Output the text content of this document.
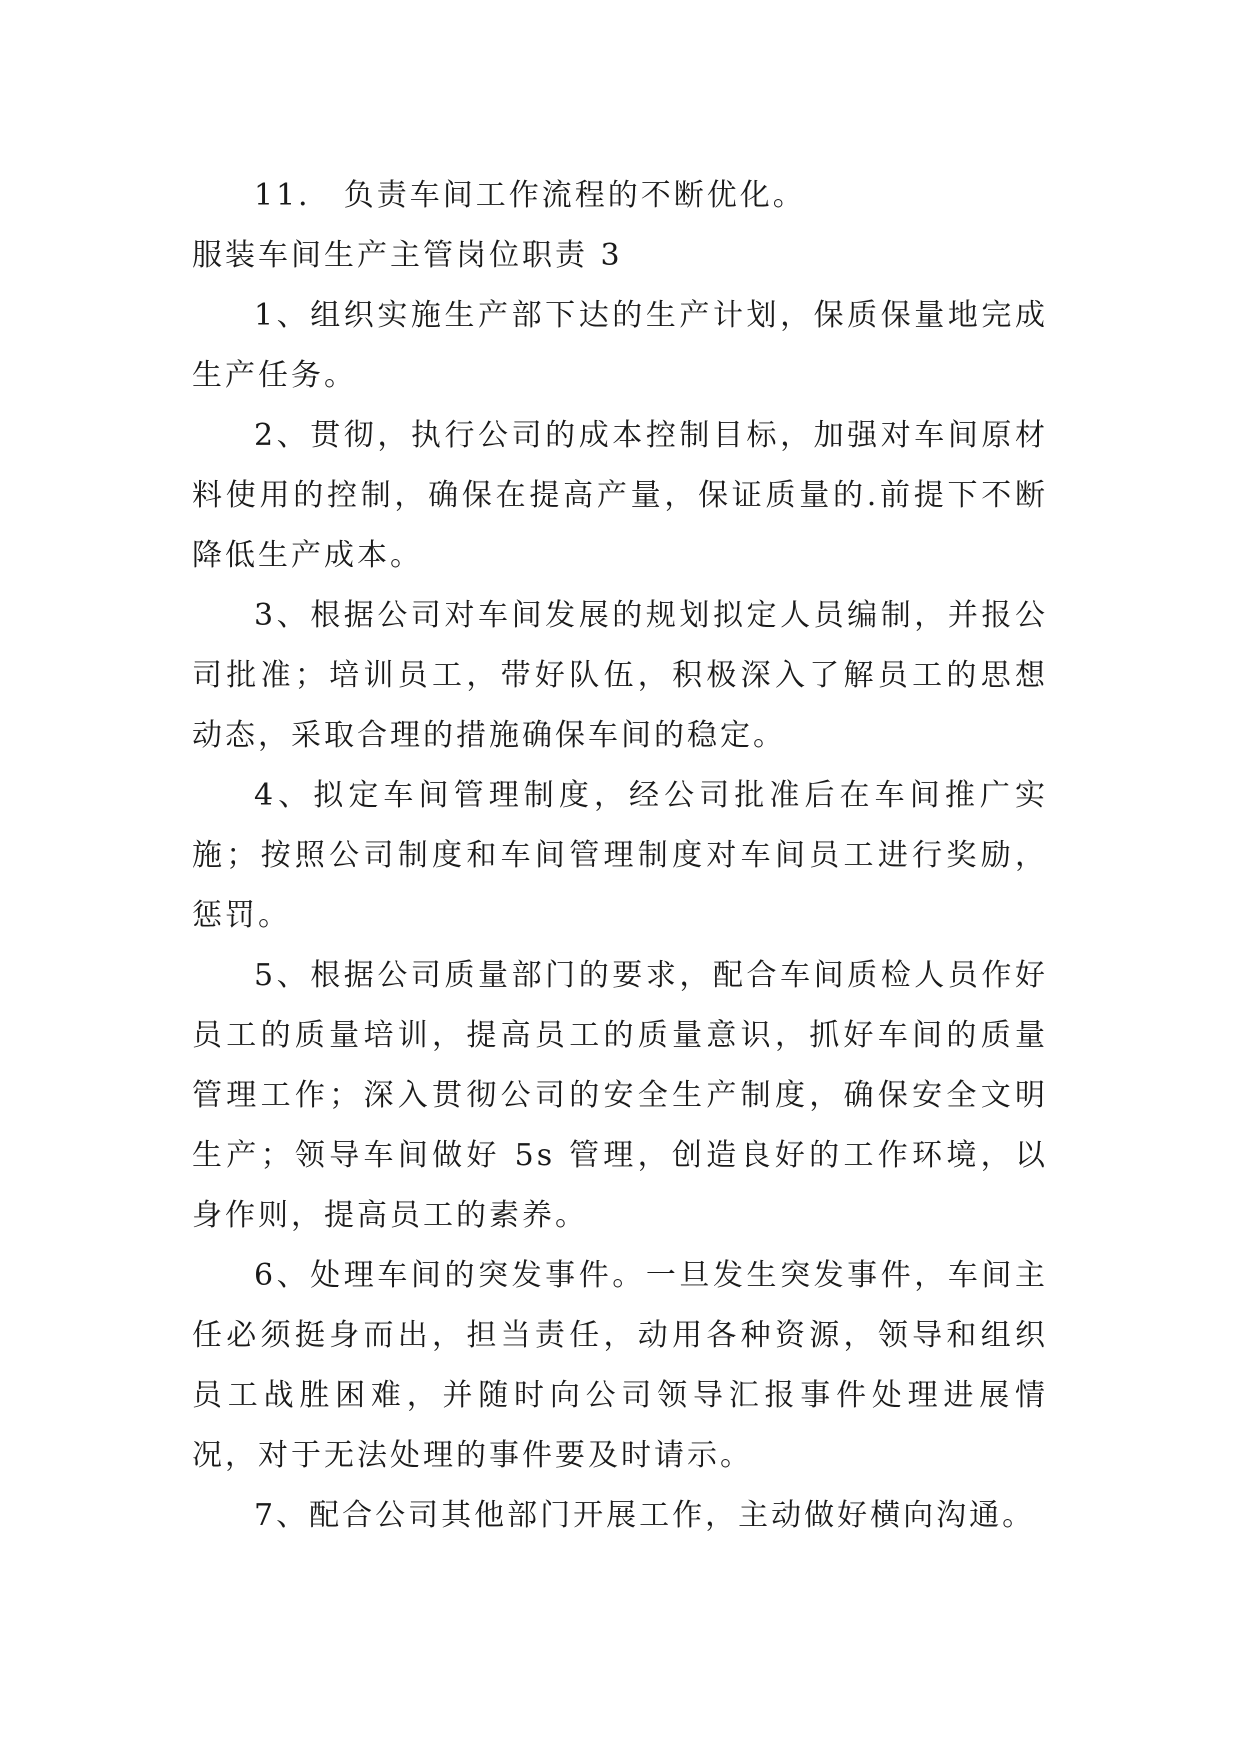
11． 负责车间工作流程的不断优化。

服装车间生产主管岗位职责 3

1、组织实施生产部下达的生产计划，保质保量地完成生产任务。

2、贯彻，执行公司的成本控制目标，加强对车间原材料使用的控制，确保在提高产量，保证质量的.前提下不断降低生产成本。

3、根据公司对车间发展的规划拟定人员编制，并报公司批准；培训员工，带好队伍，积极深入了解员工的思想动态，采取合理的措施确保车间的稳定。

4、拟定车间管理制度，经公司批准后在车间推广实施；按照公司制度和车间管理制度对车间员工进行奖励，惩罚。

5、根据公司质量部门的要求，配合车间质检人员作好员工的质量培训，提高员工的质量意识，抓好车间的质量管理工作；深入贯彻公司的安全生产制度，确保安全文明生产；领导车间做好 5s 管理，创造良好的工作环境，以身作则，提高员工的素养。

6、处理车间的突发事件。一旦发生突发事件，车间主任必须挺身而出，担当责任，动用各种资源，领导和组织员工战胜困难，并随时向公司领导汇报事件处理进展情况，对于无法处理的事件要及时请示。

7、配合公司其他部门开展工作，主动做好横向沟通。
